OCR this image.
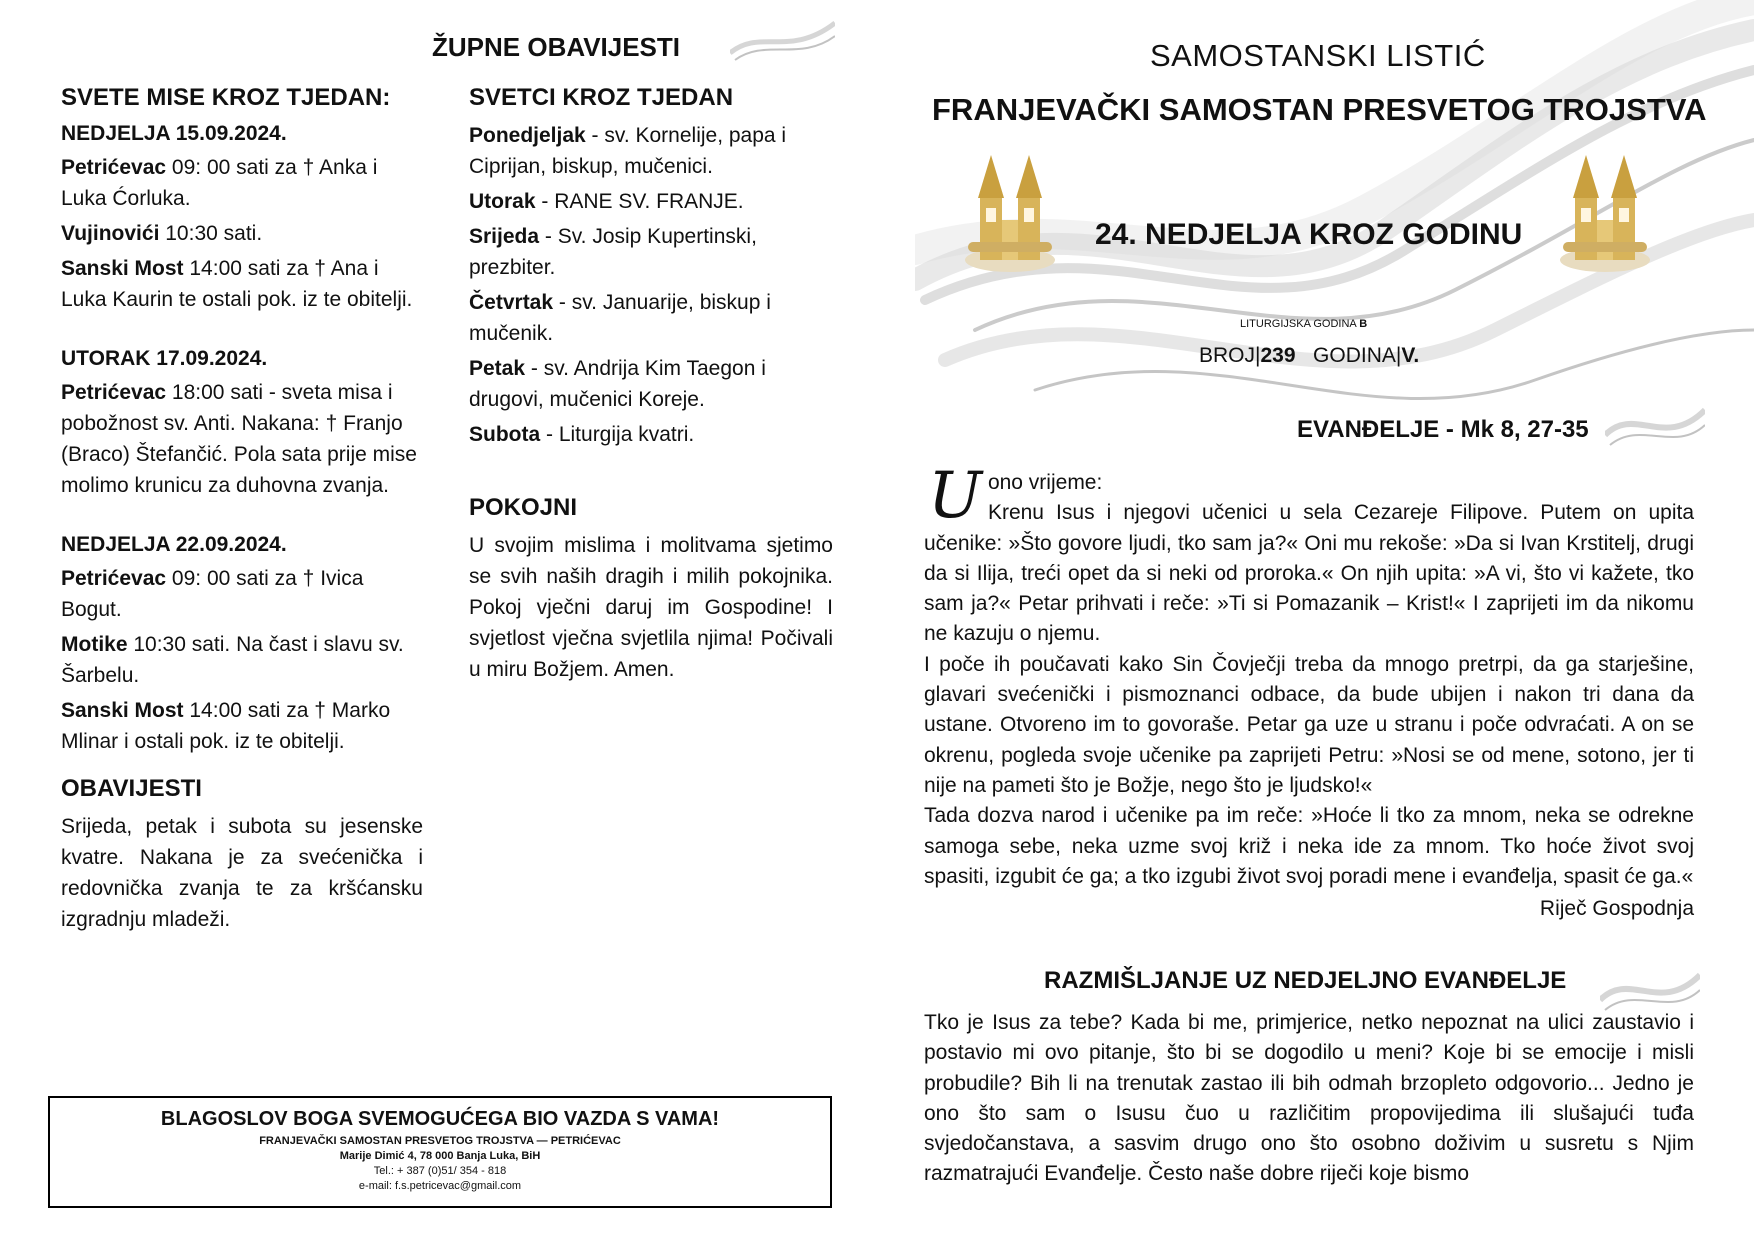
ŽUPNE OBAVIJESTI
SVETE MISE KROZ TJEDAN:
NEDJELJA 15.09.2024.
Petrićevac 09: 00 sati za † Anka i Luka Ćorluka.
Vujinovići 10:30 sati.
Sanski Most 14:00 sati za † Ana i Luka Kaurin te ostali pok. iz te obitelji.
UTORAK 17.09.2024.
Petrićevac 18:00 sati - sveta misa i pobožnost sv. Anti. Nakana: † Franjo (Braco) Štefančić. Pola sata prije mise molimo krunicu za duhovna zvanja.
NEDJELJA 22.09.2024.
Petrićevac 09: 00 sati za † Ivica Bogut.
Motike 10:30 sati. Na čast i slavu sv. Šarbelu.
Sanski Most 14:00 sati za † Marko Mlinar i ostali pok. iz te obitelji.
OBAVIJESTI
Srijeda, petak i subota su jesenske kvatre. Nakana je za svećenička i redovnička zvanja te za kršćansku izgradnju mladeži.
SVETCI KROZ TJEDAN
Ponedjeljak - sv. Kornelije, papa i Ciprijan, biskup, mučenici.
Utorak - RANE SV. FRANJE.
Srijeda - Sv. Josip Kupertinski, prezbiter.
Četvrtak - sv. Januarije, biskup i mučenik.
Petak - sv. Andrija Kim Taegon i drugovi, mučenici Koreje.
Subota - Liturgija kvatri.
POKOJNI
U svojim mislima i molitvama sjetimo se svih naših dragih i milih pokojnika. Pokoj vječni daruj im Gospodine! I svjetlost vječna svjetlila njima! Počivali u miru Božjem. Amen.
BLAGOSLOV BOGA SVEMOGUĆEGA BIO VAZDA S VAMA!
FRANJEVAČKI SAMOSTAN PRESVETOG TROJSTVA — PETRIĆEVAC
Marije Dimić 4, 78 000 Banja Luka, BiH
Tel.: + 387 (0)51/ 354 - 818
e-mail: f.s.petricevac@gmail.com
SAMOSTANSKI LISTIĆ
FRANJEVAČKI SAMOSTAN PRESVETOG TROJSTVA
24. NEDJELJA KROZ GODINU
LITURGIJSKA GODINA B
BROJ|239 GODINA|V.
EVANĐELJE - Mk 8, 27-35
U onо vrijeme:
Krenu Isus i njegovi učenici u sela Cezareje Filipove. Putem on upita učenike: »Što govore ljudi, tko sam ja?« Oni mu rekoše: »Da si Ivan Krstitelj, drugi da si Ilija, treći opet da si neki od proroka.« On njih upita: »A vi, što vi kažete, tko sam ja?« Petar prihvati i reče: »Ti si Pomazanik – Krist!« I zaprijeti im da nikomu ne kazuju o njemu.
I poče ih poučavati kako Sin Čovječji treba da mnogo pretrpi, da ga starješine, glavari svećenički i pismoznanci odbace, da bude ubijen i nakon tri dana da ustane. Otvoreno im to govoraše. Petar ga uze u stranu i poče odvraćati. A on se okrenu, pogleda svoje učenike pa zaprijeti Petru: »Nosi se od mene, sotono, jer ti nije na pameti što je Božje, nego što je ljudsko!«
Tada dozva narod i učenike pa im reče: »Hoće li tko za mnom, neka se odrekne samoga sebe, neka uzme svoj križ i neka ide za mnom. Tko hoće život svoj spasiti, izgubit će ga; a tko izgubi život svoj poradi mene i evanđelja, spasit će ga.«
Riječ Gospodnja
RAZMIŠLJANJE UZ NEDJELJNO EVANĐELJE
Tko je Isus za tebe? Kada bi me, primjerice, netko nepoznat na ulici zaustavio i postavio mi ovo pitanje, što bi se dogodilo u meni? Koje bi se emocije i misli probudile? Bih li na trenutak zastao ili bih odmah brzopleto odgovorio... Jedno je ono što sam o Isusu čuo u različitim propovijedima ili slušajući tuđa svjedočanstava, a sasvim drugo ono što osobno doživim u susretu s Njim razmatrajući Evanđelje. Često naše dobre riječi koje bismo
